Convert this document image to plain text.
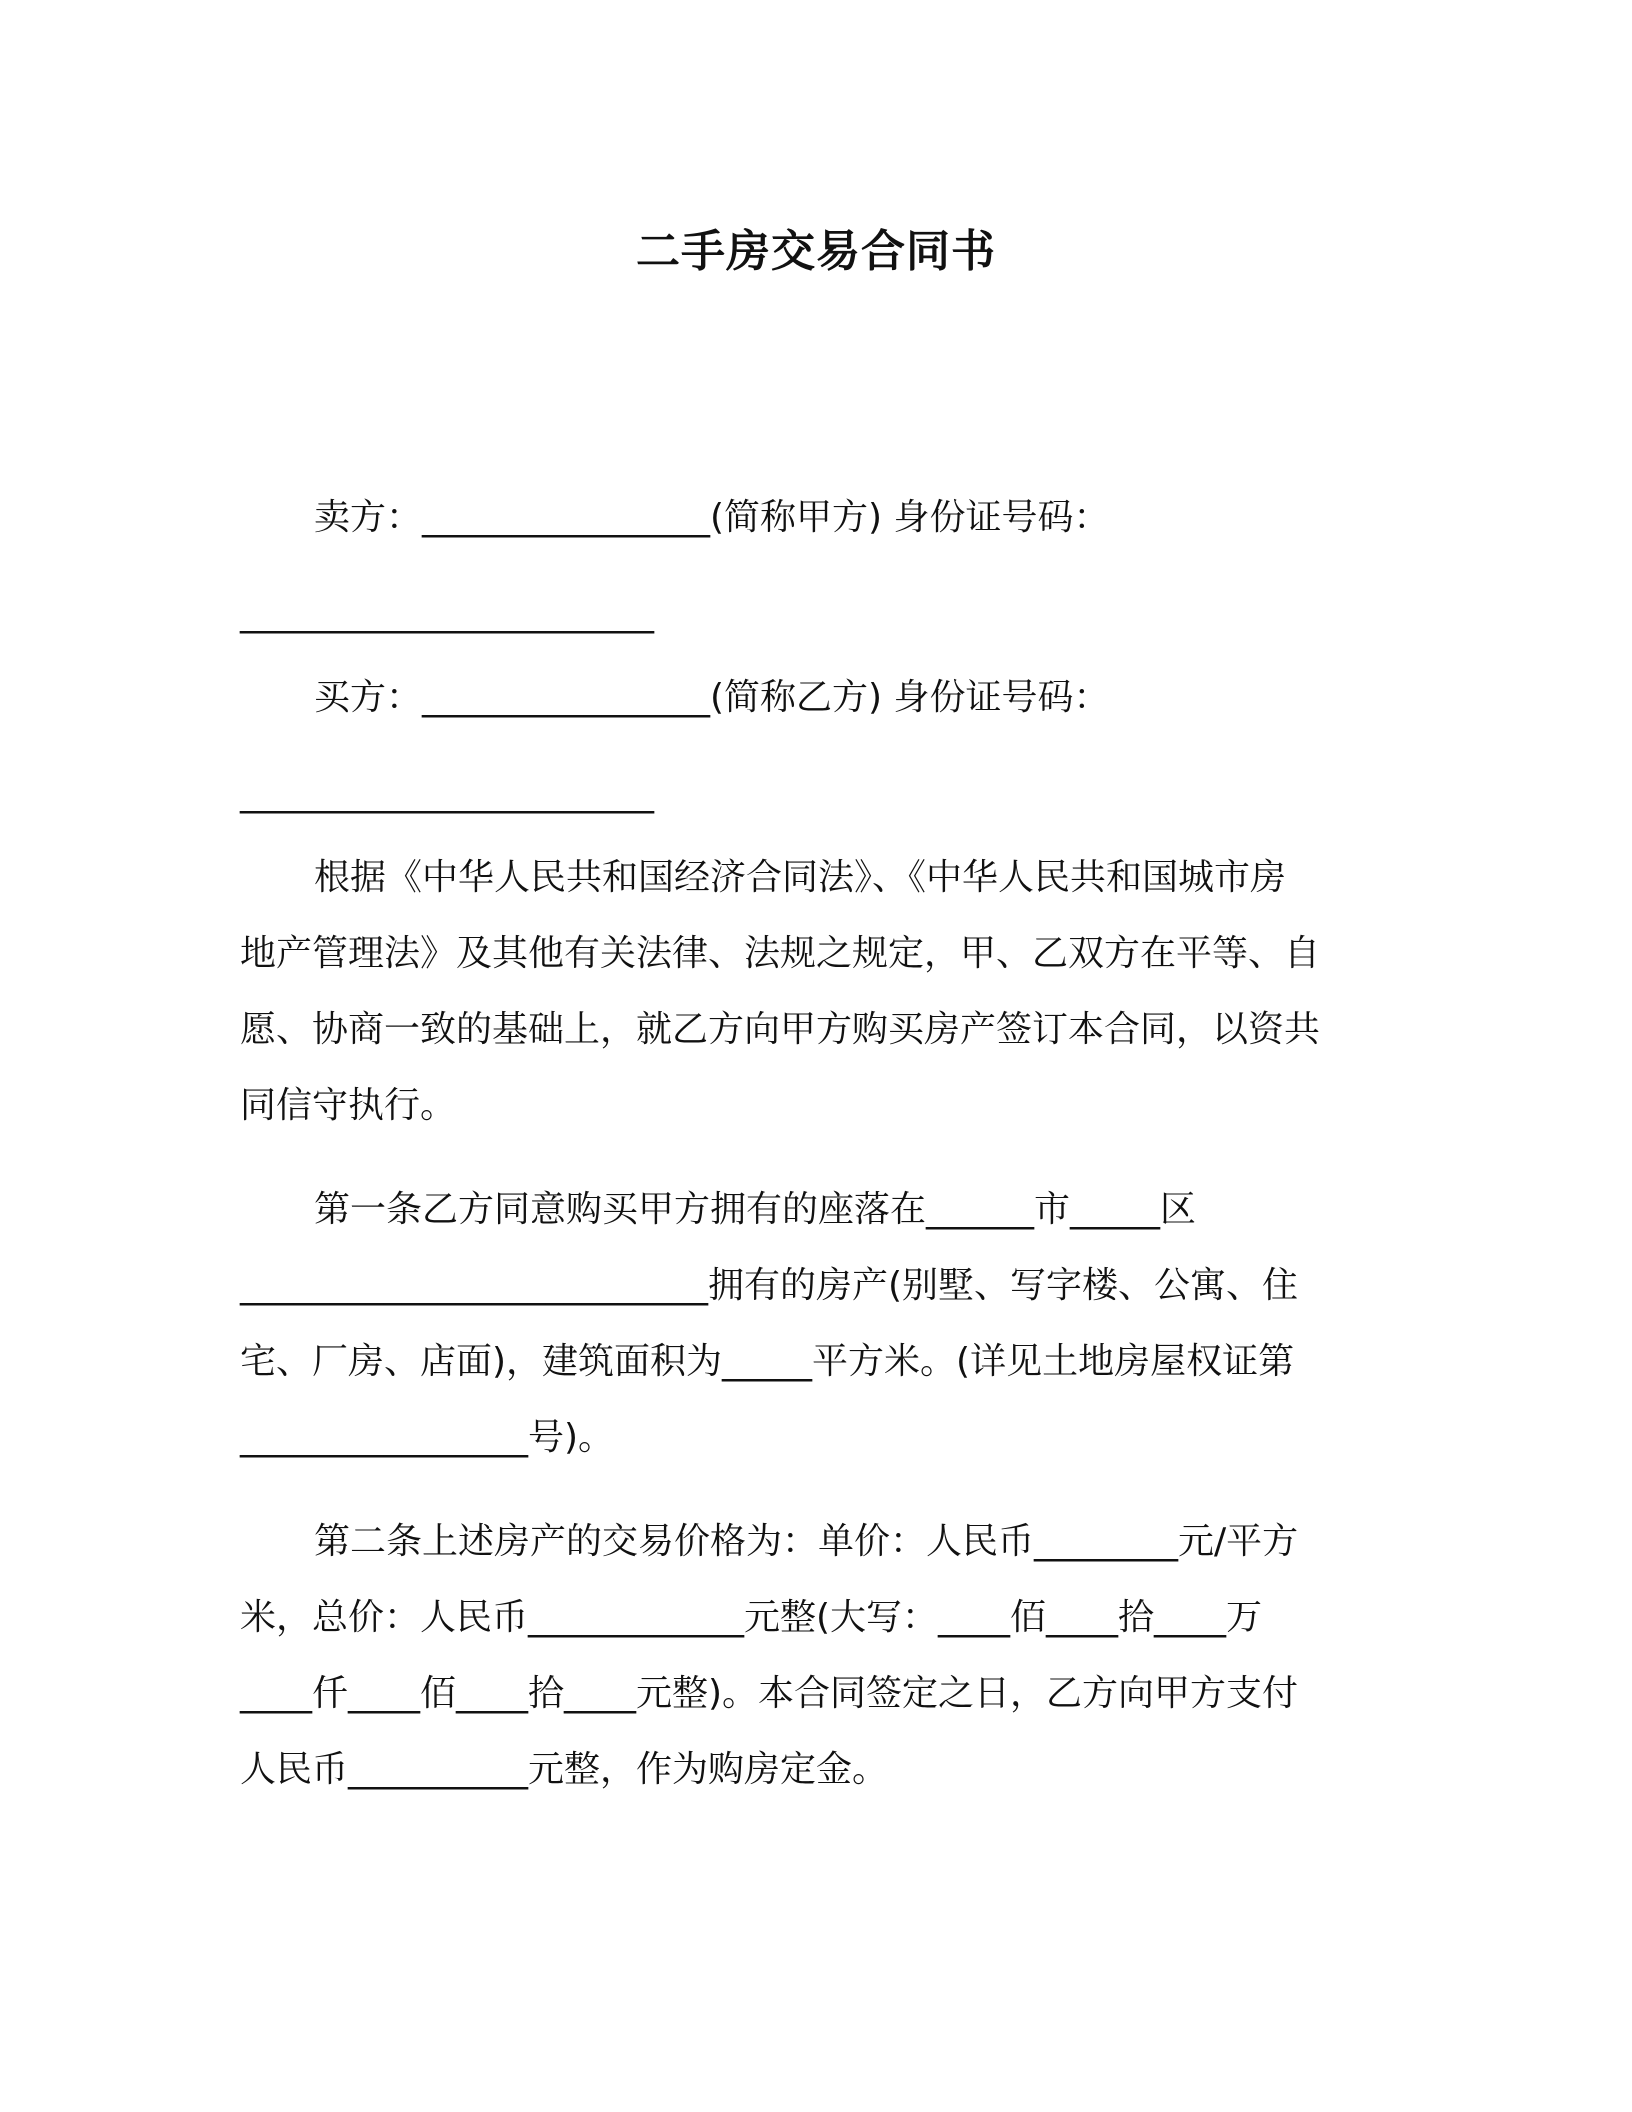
二手房交易合同书
卖方：________________(简称甲方) 身份证号码：
_______________________
买方：________________(简称乙方) 身份证号码：
_______________________
根据《中华人民共和国经济合同法》、《中华人民共和国城市房
地产管理法》及其他有关法律、法规之规定，甲、乙双方在平等、自
愿、协商一致的基础上，就乙方向甲方购买房产签订本合同，以资共
同信守执行。
第一条乙方同意购买甲方拥有的座落在______市_____区
__________________________拥有的房产(别墅、写字楼、公寓、住
宅、厂房、店面)，建筑面积为_____平方米。(详见土地房屋权证第
________________号)。
第二条上述房产的交易价格为：单价：人民币________元/平方
米，总价：人民币____________元整(大写：____佰____拾____万
____仟____佰____拾____元整)。本合同签定之日，乙方向甲方支付
人民币__________元整，作为购房定金。
